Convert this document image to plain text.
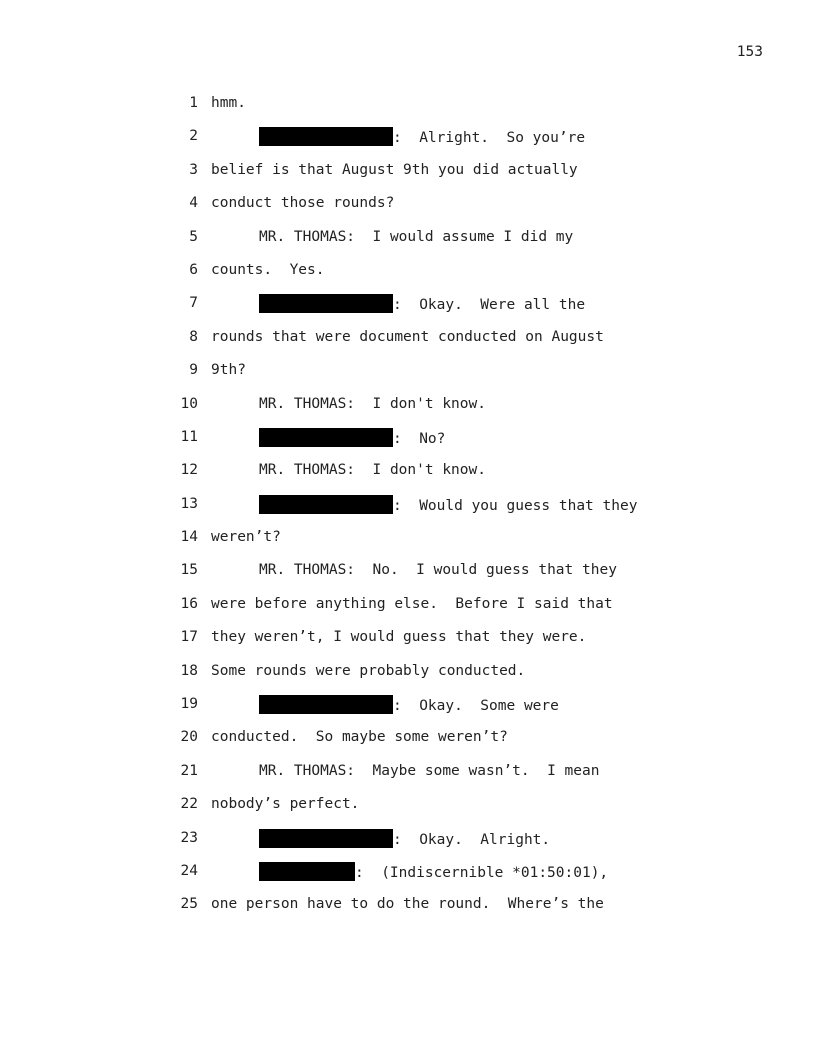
153
1 hmm.
2	:  Alright.  So you’re
3 belief is that August 9th you did actually
4 conduct those rounds?
5	MR. THOMAS:  I would assume I did my
6 counts.  Yes.
7	:  Okay.  Were all the
8 rounds that were document conducted on August
9 9th?
10	MR. THOMAS:  I don't know.
11	:  No?
12	MR. THOMAS:  I don't know.
13	:  Would you guess that they
14 weren’t?
15	MR. THOMAS:  No.  I would guess that they
16 were before anything else.  Before I said that
17 they weren’t, I would guess that they were.
18 Some rounds were probably conducted.
19	:  Okay.  Some were
20 conducted.  So maybe some weren’t?
21	MR. THOMAS:  Maybe some wasn’t.  I mean
22 nobody’s perfect.
23	:  Okay.  Alright.
24	:  (Indiscernible *01:50:01),
25 one person have to do the round.  Where’s the
